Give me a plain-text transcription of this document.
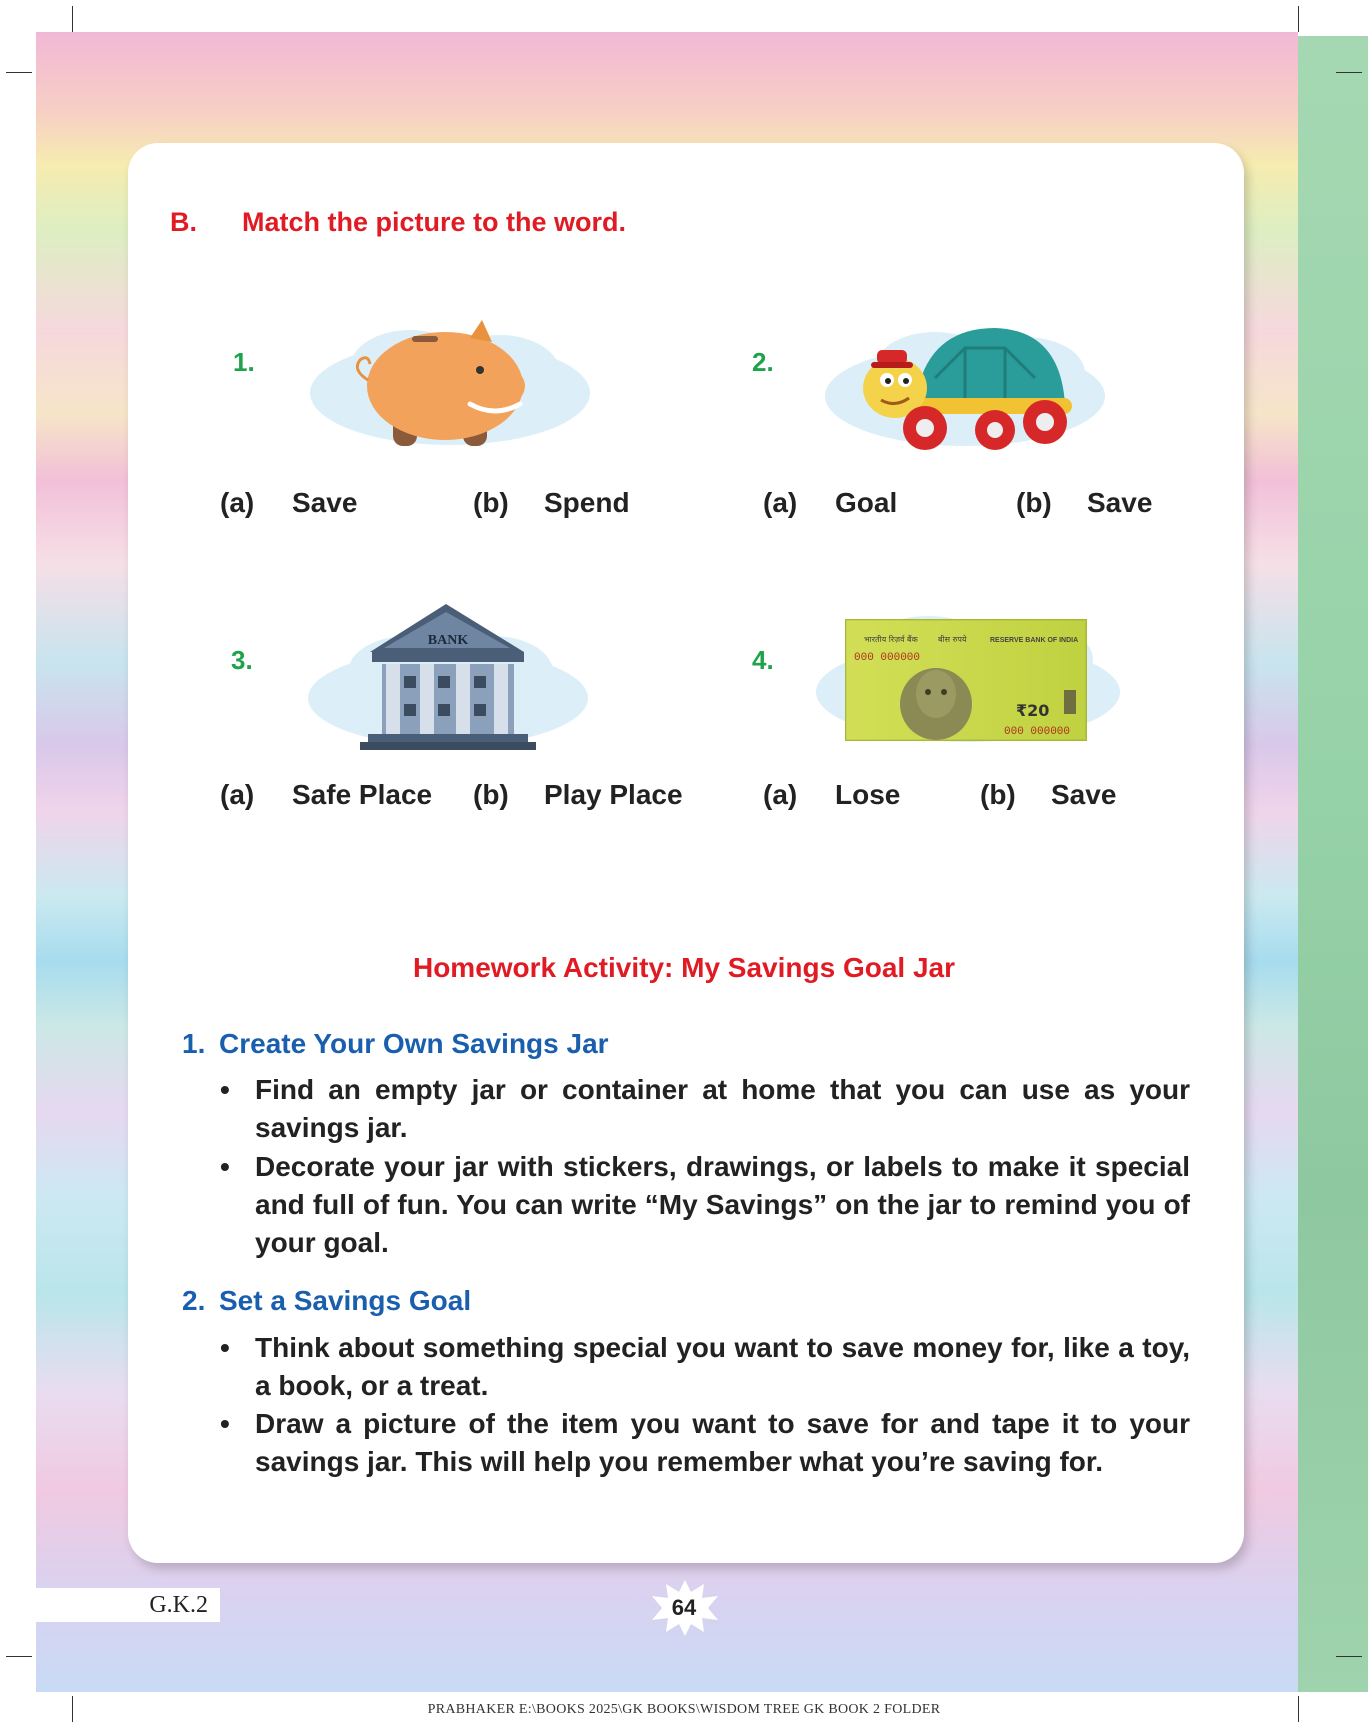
B. Match the picture to the word.
1.
(a) Save	(b) Spend
2.
(a) Goal	(b) Save
3.
BANK
(a) Safe Place (b) Play Place
4.
भारतीय रिज़र्व बैंक	बीस रुपये	RESERVE BANK OF INDIA
000 000000
₹20
000 000000
(a) Lose	(b) Save
Homework Activity: My Savings Goal Jar
1. Create Your Own Savings Jar
• Find an empty jar or container at home that you can use as your savings jar.
• Decorate your jar with stickers, drawings, or labels to make it special and full of fun. You can write “My Savings” on the jar to remind you of your goal.
2. Set a Savings Goal
• Think about something special you want to save money for, like a toy, a book, or a treat.
• Draw a picture of the item you want to save for and tape it to your savings jar. This will help you remember what you’re saving for.
G.K.2	64
PRABHAKER E:\BOOKS 2025\GK BOOKS\WISDOM TREE GK BOOK 2 FOLDER
